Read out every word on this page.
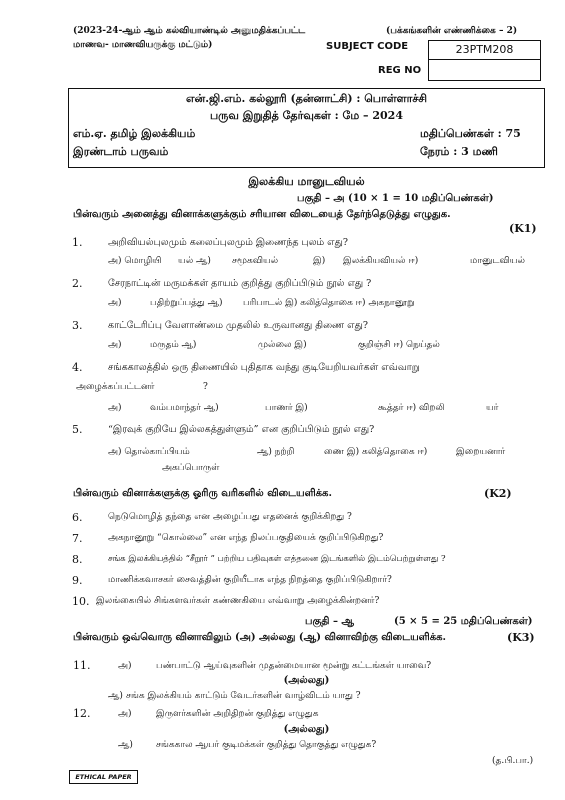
(2023-24-ஆம் ஆம் கல்வியாண்டில் அனுமதிக்கப்பட்ட
மாணவ- மாணவியருக்கு மட்டும்)
(பக்கங்களின் எண்ணிக்கை – 2)
SUBJECT CODE	23PTM208
REG NO
என்.ஜி.எம். கல்லூரி (தன்னாட்சி) : பொள்ளாச்சி
பருவ இறுதித் தேர்வுகள் : மே – 2024
எம்.ஏ. தமிழ் இலக்கியம்	மதிப்பெண்கள் : 75
இரண்டாம் பருவம்	நேரம் : 3 மணி
இலக்கிய மானுடவியல்
பகுதி – அ (10 × 1 = 10 மதிப்பெண்கள்)
பின்வரும் அனைத்து வினாக்களுக்கும் சரியான விடையைத் தேர்ந்தெடுத்து எழுதுக.
(K1)
1.	அறிவியல்புலமும் கலைப்புலமும் இணைந்த புலம் எது?
அ) மொழியி யல் ஆ) சமூகவியல்	இ) இலக்கியவியல் ஈ)	மானுடவியல்
2.	சேரநாட்டின் மருமக்கள் தாயம் குறித்து குறிப்பிடும் நூல் எது ?
அ)	பதிற்றுப்பத்து ஆ) பரிபாடல் இ) கலித்தொகை ஈ) அகநானூறு
3.	காட்டேரிப்பு வேளாண்மை முதலில் உருவானது திணை எது?
அ)	மருதம் ஆ)	முல்லை இ)	குறிஞ்சி ஈ) நெய்தல்
4.	சங்ககாலத்தில் ஒரு திணையில் புதிதாக வந்து குடியேறியவர்கள் எவ்வாறு
அழைக்கப்பட்டனர்	?
அ)	வம்பமாந்தர் ஆ)	பாணர் இ)	கூத்தர் ஈ) விறலி	யர்
5.	“இரவுக் குறியே இல்லகத்துள்ளும்” என குறிப்பிடும் நூல் எது?
அ) தொல்காப்பியம்	ஆ) நற்றி	ணை இ) கலித்தொகை ஈ)	இறையனார்
அகப்பொருள்
பின்வரும் வினாக்களுக்கு ஓரிரு வரிகளில் விடையளிக்க.	(K2)
6.	நெடுமொழித் தந்தை என அழைப்பது எதனைக் குறிக்கிறது ?
7.	அகநானூறு “கொல்லை” என எந்த நிலப்பகுதியைக் குறிப்பிடுகிறது?
8.	சங்க இலக்கியத்தில் “சீறூர் ” பற்றிய பதிவுகள் எத்தனை இடங்களில் இடம்பெற்றுள்ளது ?
9.	மாணிக்கவாசகர் சைவத்தின் குறியீடாக எந்த நிறத்தை குறிப்பிடுகிறார்?
10. இலங்கையில் சிங்களவர்கள் கண்ணகியை எவ்வாறு அழைக்கின்றனர்?
பகுதி – ஆ	(5 × 5 = 25 மதிப்பெண்கள்)
பின்வரும் ஒவ்வொரு வினாவிலும் (அ) அல்லது (ஆ) வினாவிற்கு விடையளிக்க.	(K3)
11.	அ)	பண்பாட்டு ஆய்வுகளின் முதன்மையான மூன்று கட்டங்கள் யாவை?
(அல்லது)
ஆ) சங்க இலக்கியம் காட்டும் வேடர்களின் வாழ்விடம் யாது ?
12.	அ)	இருளர்களின் அறிதிறன் குறித்து எழுதுக
(அல்லது)
ஆ)	சங்ககால ஆயர் குடிமக்கள் குறித்து தொகுத்து எழுதுக?
(த.பி.பா.)
ETHICAL PAPER
